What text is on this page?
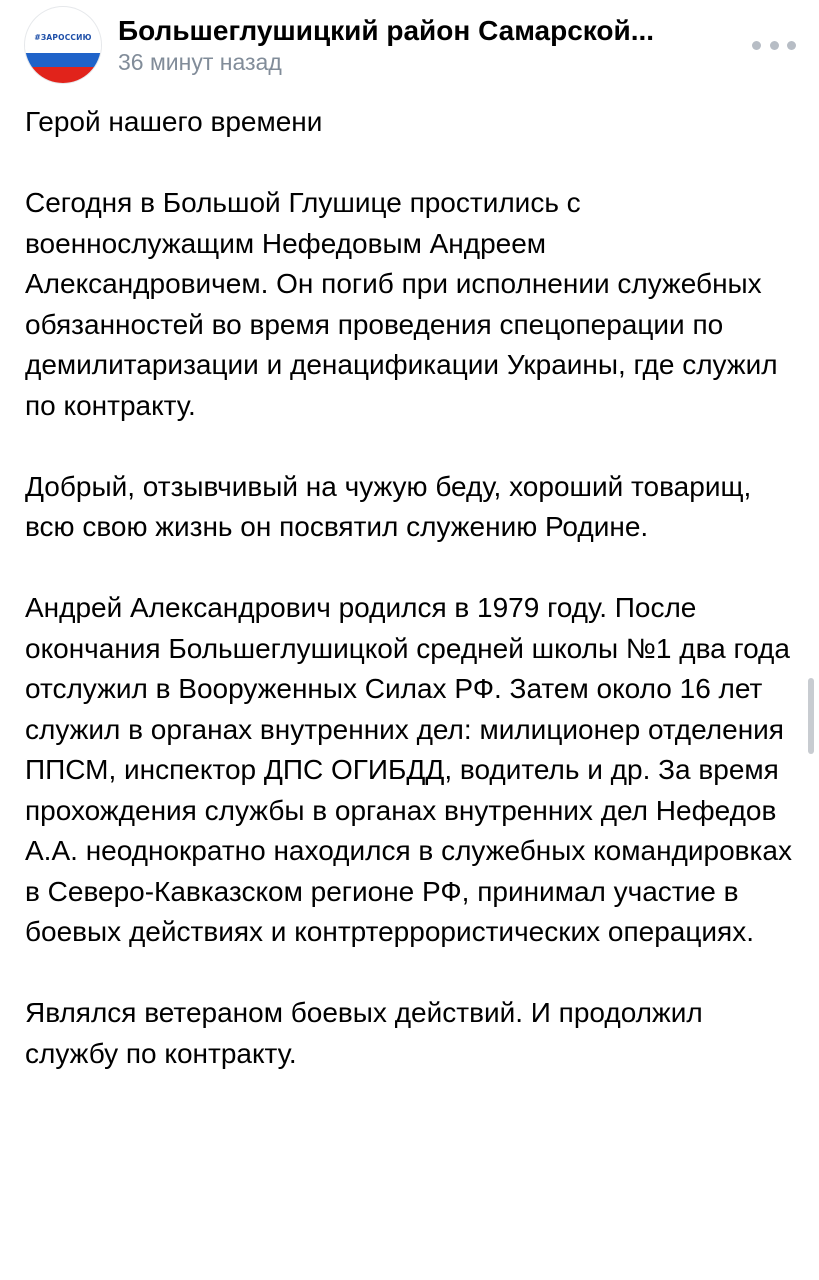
#ЗАРОССИЮ Большеглушицкий район Самарской...
36 минут назад

Герой нашего времени

Сегодня в Большой Глушице простились с военнослужащим Нефедовым Андреем Александровичем. Он погиб при исполнении служебных обязанностей во время проведения спецоперации по демилитаризации и денацификации Украины, где служил по контракту.

Добрый, отзывчивый на чужую беду, хороший товарищ, всю свою жизнь он посвятил служению Родине.

Андрей Александрович родился в 1979 году. После окончания Большеглушицкой средней школы №1 два года отслужил в Вооруженных Силах РФ. Затем около 16 лет служил в органах внутренних дел: милиционер отделения ППСМ, инспектор ДПС ОГИБДД, водитель и др. За время прохождения службы в органах внутренних дел Нефедов А.А. неоднократно находился в служебных командировках в Северо-Кавказском регионе РФ, принимал участие в боевых действиях и контртеррористических операциях.

Являлся ветераном боевых действий. И продолжил службу по контракту.
